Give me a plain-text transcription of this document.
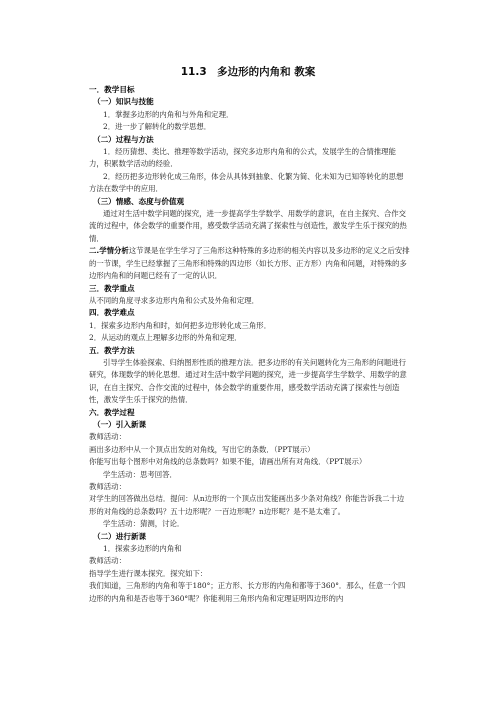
11.3　多边形的内角和 教案
一．教学目标
（一）知识与技能
1．掌握多边形的内角和与外角和定理．
2．进一步了解转化的数学思想．
（二）过程与方法
1．经历猜想、类比、推理等数学活动，探究多边形内角和的公式，发展学生的合情推理能力，积累数学活动的经验．
2．经历把多边形转化成三角形，体会从具体到抽象、化繁为简、化未知为已知等转化的思想方法在数学中的应用．
（三）情感、态度与价值观
通过对生活中数学问题的探究，进一步提高学生学数学、用数学的意识，在自主探究、合作交流的过程中，体会数学的重要作用，感受数学活动充满了探索性与创造性，激发学生乐于探究的热情．
二.学情分析这节课是在学生学习了三角形这种特殊的多边形的相关内容以及多边形的定义之后安排的一节课，学生已经掌握了三角形和特殊的四边形（如长方形、正方形）内角和问题，对特殊的多边形内角和的问题已经有了一定的认识．
三．教学重点
从不同的角度寻求多边形内角和公式及外角和定理．
四．教学难点
1．探索多边形内角和时，如何把多边形转化成三角形．
2．从运动的观点上理解多边形的外角和定理．
五．教学方法
引导学生体验探索、归纳图形性质的推理方法．把多边形的有关问题转化为三角形的问题进行研究，体现数学的转化思想．通过对生活中数学问题的探究，进一步提高学生学数学、用数学的意识，在自主探究、合作交流的过程中，体会数学的重要作用，感受数学活动充满了探索性与创造性，激发学生乐于探究的热情．
六．教学过程
（一）引入新课
教师活动：
画出多边形中从一个顶点出发的对角线，写出它的条数．（PPT展示）
你能写出每个图形中对角线的总条数吗？如果不能，请画出所有对角线．（PPT展示）
学生活动：思考回答．
教师活动：
对学生的回答做出总结．提问：从n边形的一个顶点出发能画出多少条对角线？你能告诉我二十边形的对角线的总条数吗？五十边形呢？一百边形呢？n边形呢？是不是太难了。
学生活动：猜测，讨论．
（二）进行新课
1．探索多边形的内角和
教师活动：
指导学生进行课本探究．探究如下：
我们知道，三角形的内角和等于180°；正方形、长方形的内角和都等于360°．那么，任意一个四边形的内角和是否也等于360°呢？你能利用三角形内角和定理证明四边形的内
